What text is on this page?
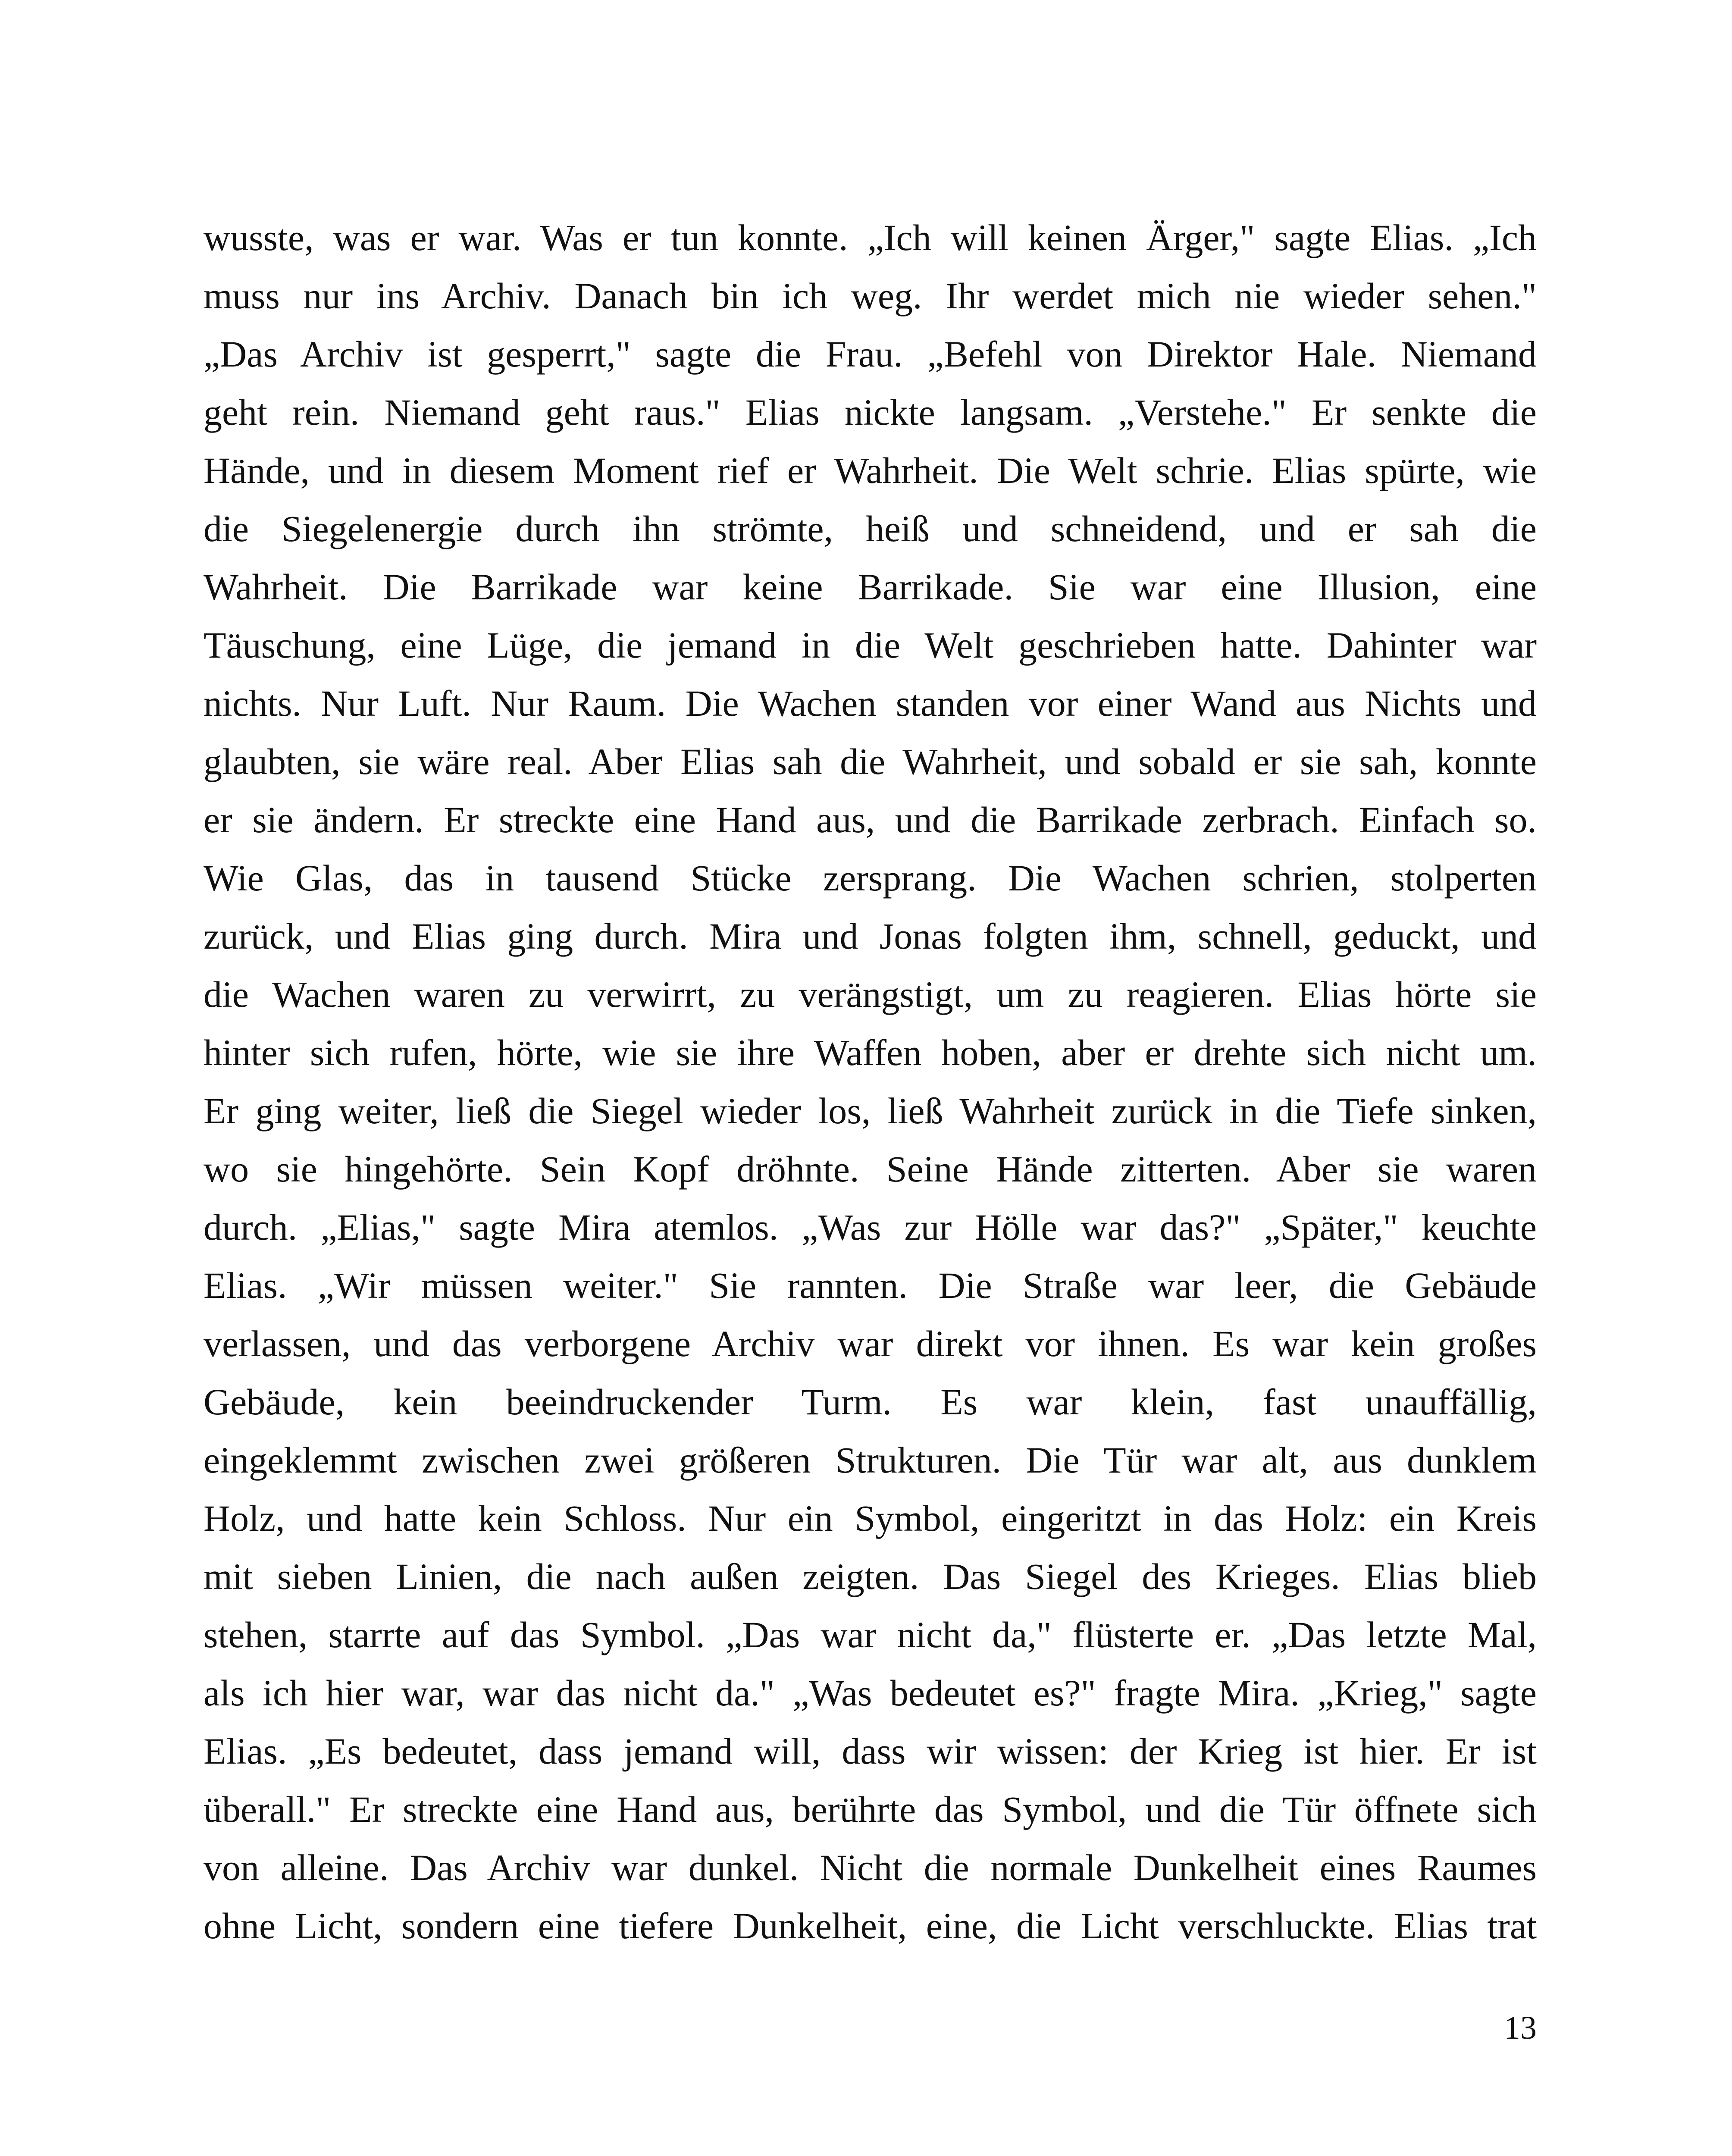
wusste, was er war. Was er tun konnte. „Ich will keinen Ärger," sagte Elias. „Ich
muss nur ins Archiv. Danach bin ich weg. Ihr werdet mich nie wieder sehen."
„Das Archiv ist gesperrt," sagte die Frau. „Befehl von Direktor Hale. Niemand
geht rein. Niemand geht raus." Elias nickte langsam. „Verstehe." Er senkte die
Hände, und in diesem Moment rief er Wahrheit. Die Welt schrie. Elias spürte, wie
die Siegelenergie durch ihn strömte, heiß und schneidend, und er sah die
Wahrheit. Die Barrikade war keine Barrikade. Sie war eine Illusion, eine
Täuschung, eine Lüge, die jemand in die Welt geschrieben hatte. Dahinter war
nichts. Nur Luft. Nur Raum. Die Wachen standen vor einer Wand aus Nichts und
glaubten, sie wäre real. Aber Elias sah die Wahrheit, und sobald er sie sah, konnte
er sie ändern. Er streckte eine Hand aus, und die Barrikade zerbrach. Einfach so.
Wie Glas, das in tausend Stücke zersprang. Die Wachen schrien, stolperten
zurück, und Elias ging durch. Mira und Jonas folgten ihm, schnell, geduckt, und
die Wachen waren zu verwirrt, zu verängstigt, um zu reagieren. Elias hörte sie
hinter sich rufen, hörte, wie sie ihre Waffen hoben, aber er drehte sich nicht um.
Er ging weiter, ließ die Siegel wieder los, ließ Wahrheit zurück in die Tiefe sinken,
wo sie hingehörte. Sein Kopf dröhnte. Seine Hände zitterten. Aber sie waren
durch. „Elias," sagte Mira atemlos. „Was zur Hölle war das?" „Später," keuchte
Elias. „Wir müssen weiter." Sie rannten. Die Straße war leer, die Gebäude
verlassen, und das verborgene Archiv war direkt vor ihnen. Es war kein großes
Gebäude, kein beeindruckender Turm. Es war klein, fast unauffällig,
eingeklemmt zwischen zwei größeren Strukturen. Die Tür war alt, aus dunklem
Holz, und hatte kein Schloss. Nur ein Symbol, eingeritzt in das Holz: ein Kreis
mit sieben Linien, die nach außen zeigten. Das Siegel des Krieges. Elias blieb
stehen, starrte auf das Symbol. „Das war nicht da," flüsterte er. „Das letzte Mal,
als ich hier war, war das nicht da." „Was bedeutet es?" fragte Mira. „Krieg," sagte
Elias. „Es bedeutet, dass jemand will, dass wir wissen: der Krieg ist hier. Er ist
überall." Er streckte eine Hand aus, berührte das Symbol, und die Tür öffnete sich
von alleine. Das Archiv war dunkel. Nicht die normale Dunkelheit eines Raumes
ohne Licht, sondern eine tiefere Dunkelheit, eine, die Licht verschluckte. Elias trat
13
